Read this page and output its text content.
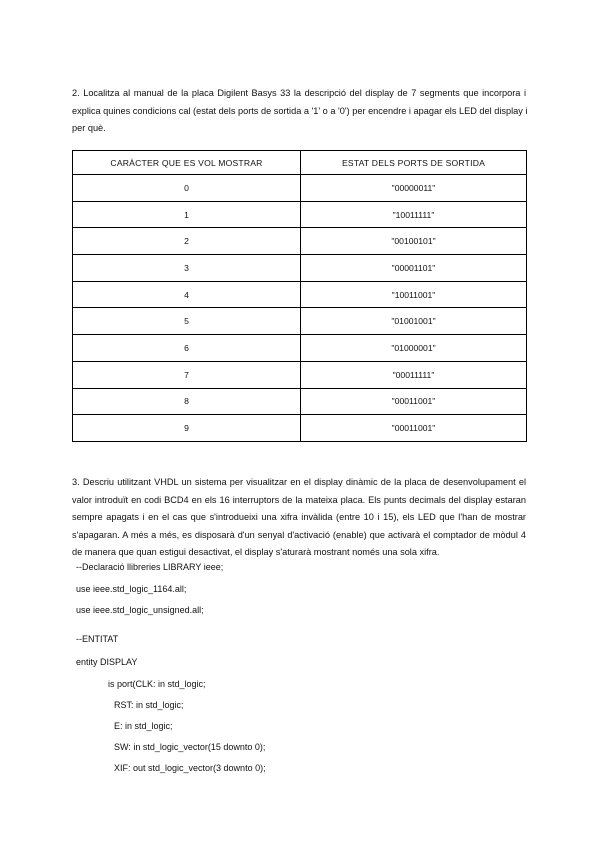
2. Localitza al manual de la placa Digilent Basys 33 la descripció del display de 7 segments que incorpora i
explica quines condicions cal (estat dels ports de sortida a '1' o a '0') per encendre i apagar els LED del display i
per què.
CARÀCTER QUE ES VOL MOSTRAR	ESTAT DELS PORTS DE SORTIDA
0	"00000011"
1	"10011111"
2	"00100101"
3	"00001101"
4	"10011001"
5	"01001001"
6	"01000001"
7	"00011111"
8	"00011001"
9	"00011001"
3. Descriu utilitzant VHDL un sistema per visualitzar en el display dinàmic de la placa de desenvolupament el
valor introduït en codi BCD4 en els 16 interruptors de la mateixa placa. Els punts decimals del display estaran
sempre apagats i en el cas que s'introdueixi una xifra invàlida (entre 10 i 15), els LED que l'han de mostrar
s'apagaran. A més a més, es disposarà d'un senyal d'activació (enable) que activarà el comptador de mòdul 4
de manera que quan estigui desactivat, el display s'aturarà mostrant només una sola xifra.
--Declaració llibreries LIBRARY ieee;
use ieee.std_logic_1164.all;
use ieee.std_logic_unsigned.all;
--ENTITAT
entity DISPLAY
is port(CLK: in std_logic;
RST: in std_logic;
E: in std_logic;
SW: in std_logic_vector(15 downto 0);
XIF: out std_logic_vector(3 downto 0);
